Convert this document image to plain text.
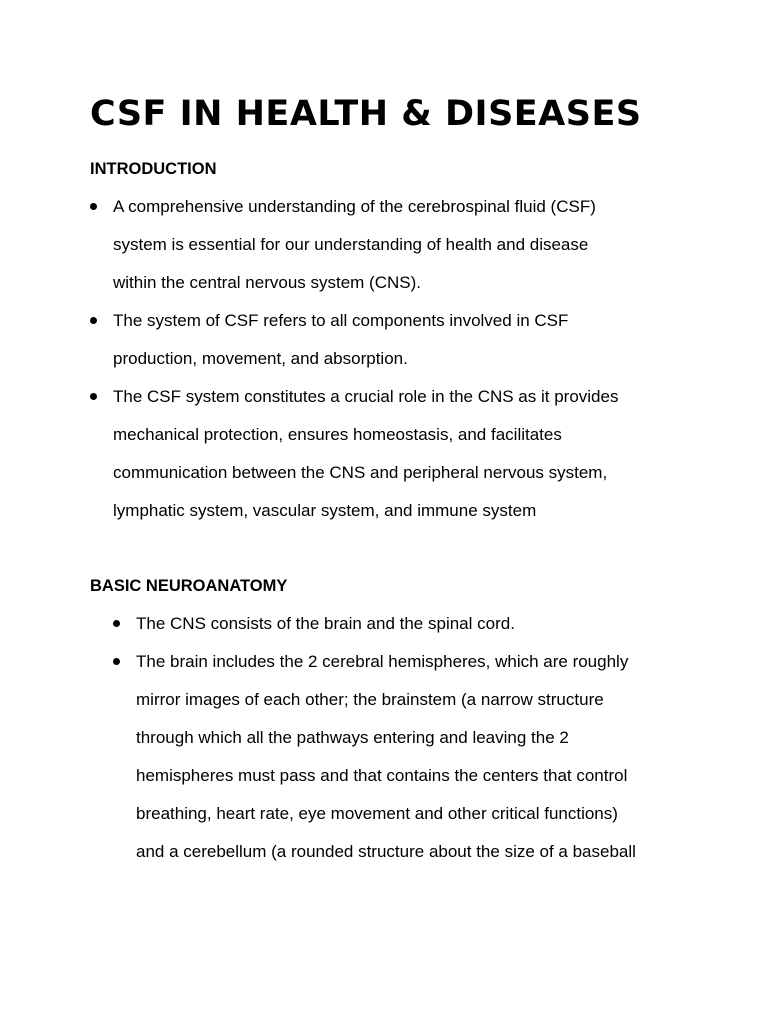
CSF IN HEALTH & DISEASES
INTRODUCTION
A comprehensive understanding of the cerebrospinal fluid (CSF)
system is essential for our understanding of health and disease
within the central nervous system (CNS).
The system of CSF refers to all components involved in CSF
production, movement, and absorption.
The CSF system constitutes a crucial role in the CNS as it provides
mechanical protection, ensures homeostasis, and facilitates
communication between the CNS and peripheral nervous system,
lymphatic system, vascular system, and immune system
BASIC NEUROANATOMY
The CNS consists of the brain and the spinal cord.
The brain includes the 2 cerebral hemispheres, which are roughly
mirror images of each other; the brainstem (a narrow structure
through which all the pathways entering and leaving the 2
hemispheres must pass and that contains the centers that control
breathing, heart rate, eye movement and other critical functions)
and a cerebellum (a rounded structure about the size of a baseball
